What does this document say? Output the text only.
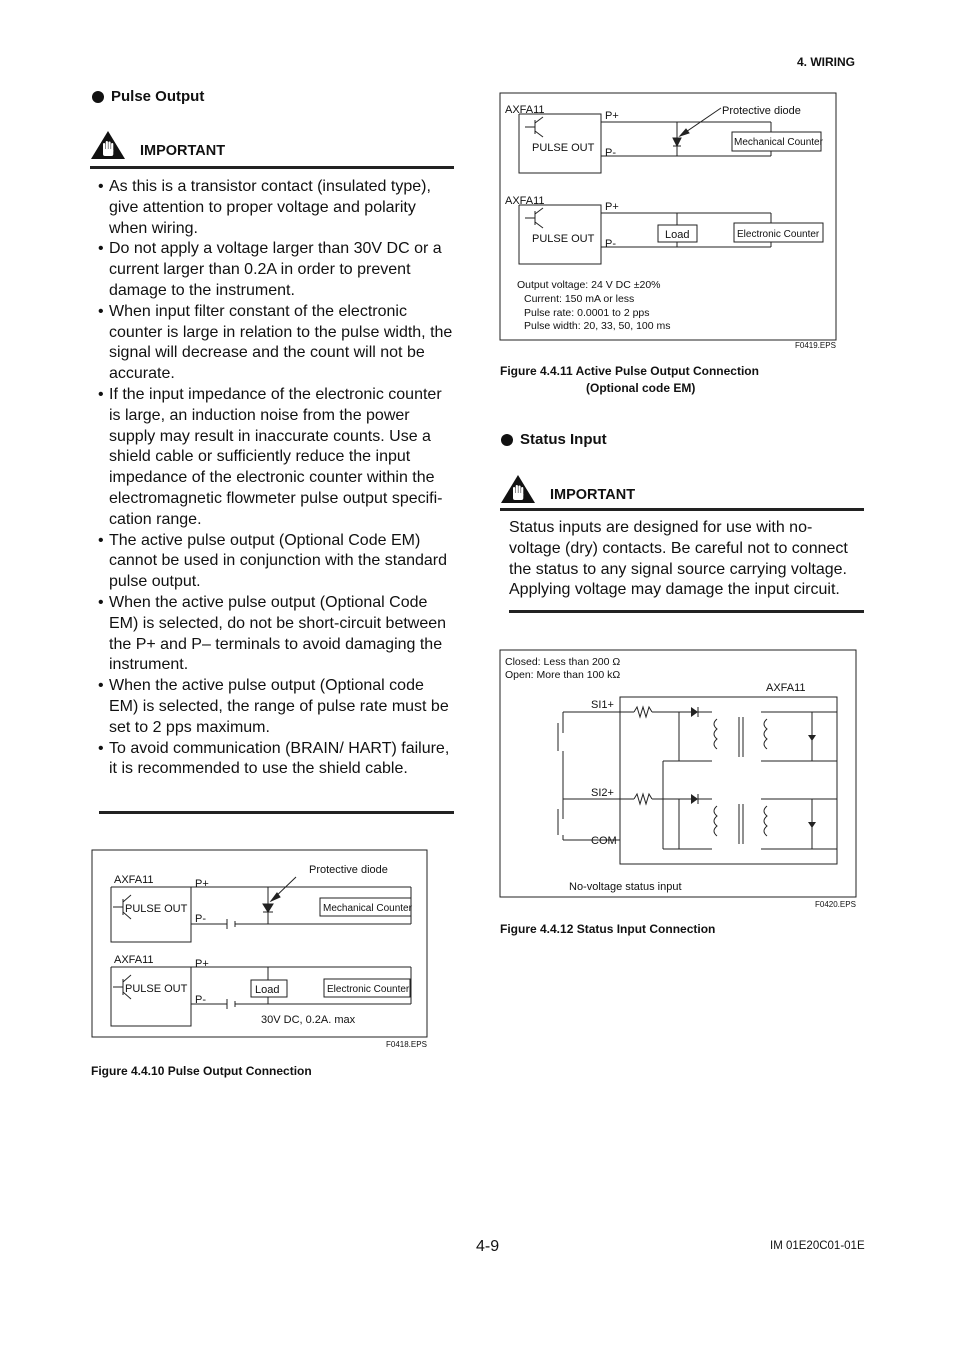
4. WIRING
Pulse Output
IMPORTANT
• As this is a transistor contact (insulated type), give attention to proper voltage and polarity when wiring.
• Do not apply a voltage larger than 30V DC or a current larger than 0.2A in order to prevent damage to the instrument.
• When input filter constant of the electronic counter is large in relation to the pulse width, the signal will decrease and the count will not be accurate.
• If the input impedance of the electronic counter is large, an induction noise from the power supply may result in inaccurate counts. Use a shield cable or sufficiently reduce the input impedance of the electronic counter within the electromagnetic flowmeter pulse output specifi-cation range.
• The active pulse output (Optional Code EM) cannot be used in conjunction with the standard pulse output.
• When the active pulse output (Optional Code EM) is selected, do not be short-circuit between the P+ and P– terminals to avoid damaging the instrument.
• When the active pulse output (Optional code EM) is selected, the range of pulse rate must be set to 2 pps maximum.
• To avoid communication (BRAIN/ HART) failure, it is recommended to use the shield cable.
Protective diode
AXFA11	P+
P-
PULSE OUT	Mechanical Counter
AXFA11	P+
P-
PULSE OUT	Load	Electronic Counter
30V DC, 0.2A. max
F0418.EPS
Figure 4.4.10 Pulse Output Connection
Protective diode
AXFA11	P+
P-
PULSE OUT	Mechanical Counter
AXFA11	P+
P-
PULSE OUT	Load	Electronic Counter
Output voltage: 24 V DC ±20%
Current: 150 mA or less
Pulse rate: 0.0001 to 2 pps
Pulse width: 20, 33, 50, 100 ms
F0419.EPS
Figure 4.4.11 Active Pulse Output Connection
(Optional code EM)
Status Input
IMPORTANT
Status inputs are designed for use with no-voltage (dry) contacts. Be careful not to connect the status to any signal source carrying voltage. Applying voltage may damage the input circuit.
Closed: Less than 200 Ω
Open: More than 100 kΩ
AXFA11
SI1+
SI2+
COM
No-voltage status input
F0420.EPS
Figure 4.4.12 Status Input Connection
4-9	IM 01E20C01-01E
